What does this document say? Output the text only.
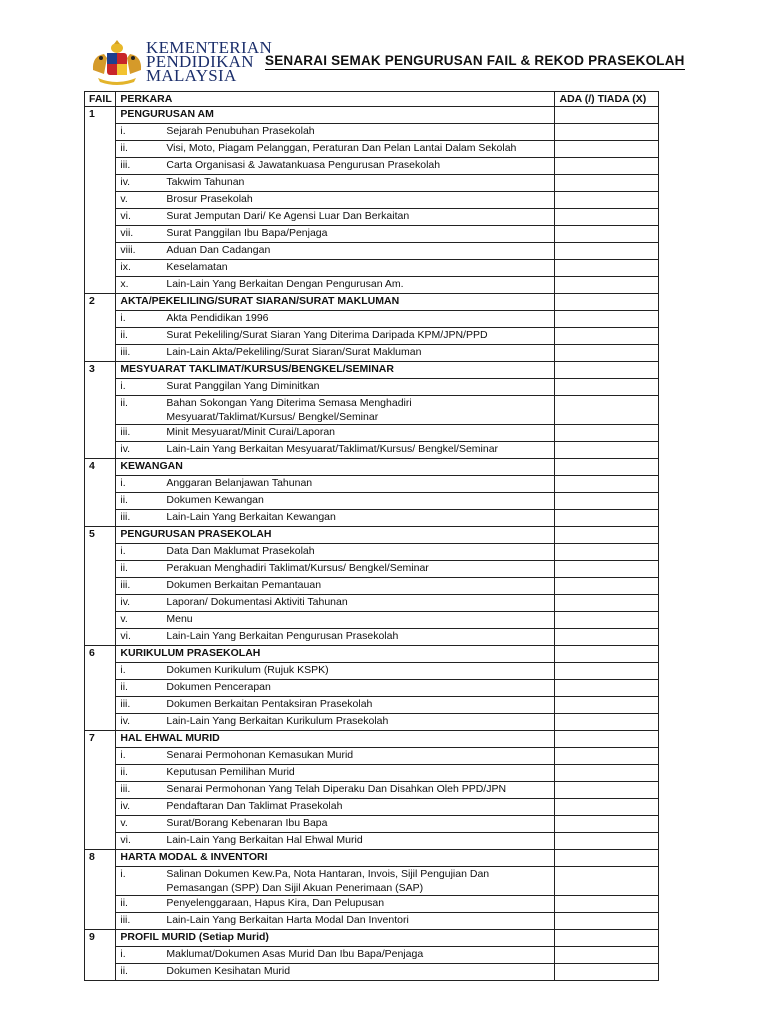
KEMENTERIAN
PENDIDIKAN
MALAYSIA
SENARAI SEMAK PENGURUSAN FAIL & REKOD PRASEKOLAH
FAIL	PERKARA	ADA (/) TIADA (X)
1	PENGURUSAN AM	
	i. Sejarah Penubuhan Prasekolah	
	ii. Visi, Moto, Piagam Pelanggan, Peraturan Dan Pelan Lantai Dalam Sekolah	
	iii. Carta Organisasi & Jawatankuasa Pengurusan Prasekolah	
	iv. Takwim Tahunan	
	v. Brosur Prasekolah	
	vi. Surat Jemputan Dari/ Ke Agensi Luar Dan Berkaitan	
	vii. Surat Panggilan Ibu Bapa/Penjaga	
	viii. Aduan Dan Cadangan	
	ix. Keselamatan	
	x. Lain-Lain Yang Berkaitan Dengan Pengurusan Am.	
2	AKTA/PEKELILING/SURAT SIARAN/SURAT MAKLUMAN	
	i. Akta Pendidikan 1996	
	ii. Surat Pekeliling/Surat Siaran Yang Diterima Daripada KPM/JPN/PPD	
	iii. Lain-Lain Akta/Pekeliling/Surat Siaran/Surat Makluman	
3	MESYUARAT TAKLIMAT/KURSUS/BENGKEL/SEMINAR	
	i. Surat Panggilan Yang Diminitkan	
	ii. Bahan Sokongan Yang Diterima Semasa Menghadiri Mesyuarat/Taklimat/Kursus/ Bengkel/Seminar	
	iii. Minit Mesyuarat/Minit Curai/Laporan	
	iv. Lain-Lain Yang Berkaitan Mesyuarat/Taklimat/Kursus/ Bengkel/Seminar	
4	KEWANGAN	
	i. Anggaran Belanjawan Tahunan	
	ii. Dokumen Kewangan	
	iii. Lain-Lain Yang Berkaitan Kewangan	
5	PENGURUSAN PRASEKOLAH	
	i. Data Dan Maklumat Prasekolah	
	ii. Perakuan Menghadiri Taklimat/Kursus/ Bengkel/Seminar	
	iii. Dokumen Berkaitan Pemantauan	
	iv. Laporan/ Dokumentasi Aktiviti Tahunan	
	v. Menu	
	vi. Lain-Lain Yang Berkaitan Pengurusan Prasekolah	
6	KURIKULUM PRASEKOLAH	
	i. Dokumen Kurikulum (Rujuk KSPK)	
	ii. Dokumen Pencerapan	
	iii. Dokumen Berkaitan Pentaksiran Prasekolah	
	iv. Lain-Lain Yang Berkaitan Kurikulum Prasekolah	
7	HAL EHWAL MURID	
	i. Senarai Permohonan Kemasukan Murid	
	ii. Keputusan Pemilihan Murid	
	iii. Senarai Permohonan Yang Telah Diperaku Dan Disahkan Oleh PPD/JPN	
	iv. Pendaftaran Dan Taklimat Prasekolah	
	v. Surat/Borang Kebenaran Ibu Bapa	
	vi. Lain-Lain Yang Berkaitan Hal Ehwal Murid	
8	HARTA MODAL & INVENTORI	
	i. Salinan Dokumen Kew.Pa, Nota Hantaran, Invois, Sijil Pengujian Dan Pemasangan (SPP) Dan Sijil Akuan Penerimaan (SAP)	
	ii. Penyelenggaraan, Hapus Kira, Dan Pelupusan	
	iii. Lain-Lain Yang Berkaitan Harta Modal Dan Inventori	
9	PROFIL MURID (Setiap Murid)	
	i. Maklumat/Dokumen Asas Murid Dan Ibu Bapa/Penjaga	
	ii. Dokumen Kesihatan Murid	
